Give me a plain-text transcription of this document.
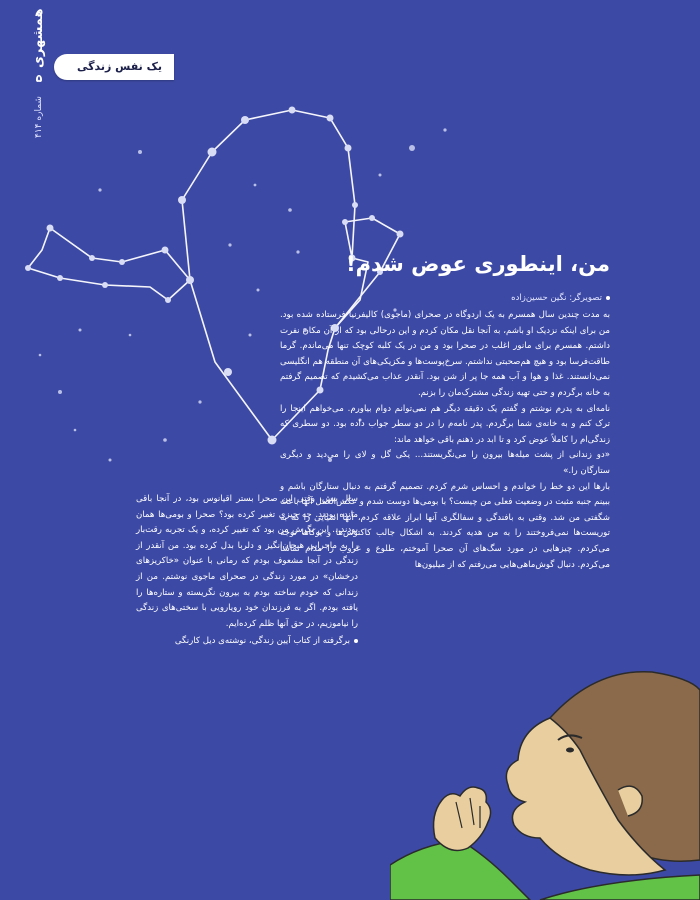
همشهری
۵
شماره ۴۱۴
یک نفس زندگی
من، اینطوری عوض شدم!
تصویرگر: نگین حسین‌زاده

به مدت چندین سال همسرم به یک اردوگاه در صحرای (ماجوی) کالیفرنیا فرستاده شده بود. من برای اینکه نزدیک او باشم، به آنجا نقل مکان کردم و این درحالی بود که از آن مکان نفرت داشتم. همسرم برای مانور اغلب در صحرا بود و من در یک کلبه کوچک تنها می‌ماندم. گرما طاقت‌فرسا بود و هیچ هم‌صحبتی نداشتم. سرخ‌پوست‌ها و مکزیکی‌های آن منطقه هم انگلیسی نمی‌دانستند. غذا و هوا و آب همه جا پر از شن بود. آنقدر عذاب می‌کشیدم که تصمیم گرفتم به خانه برگردم و حتی تهیه زندگی مشترک‌مان را بزنم.

نامه‌ای به پدرم نوشتم و گفتم یک دقیقه دیگر هم نمی‌توانم دوام بیاورم. می‌خواهم اینجا را ترک کنم و به خانه‌ی شما برگردم. پدر نامه‌م را در دو سطر جواب داده بود. دو سطری که زندگی‌ام را کاملاً عوض کرد و تا ابد در ذهنم باقی خواهد ماند:

«دو زندانی از پشت میله‌ها بیرون را می‌نگریستند... یکی گل و لای را می‌دید و دیگری ستارگان را.»

بارها این دو خط را خواندم و احساس شرم کردم. تصمیم گرفتم به دنبال ستارگان باشم و ببینم جنبه مثبت در وضعیت فعلی من چیست؟ با بومی‌ها دوست شدم و عکس‌العمل آنها باعث شگفتی من شد. وقتی به بافندگی و سفالگری آنها ابراز علاقه کردم، آنها اشیایی را که به توریست‌ها نمی‌فروختند را به من هدیه کردند. به اشکال جالب کاکتوس‌ها و یوکاها توجه می‌کردم. چیزهایی در مورد سگ‌های آن صحرا آموختم، طلوع و غروب را مدام تماشا می‌کردم. دنبال گوش‌ماهی‌هایی می‌رفتم که از میلیون‌ها

سال پیش، وقتی این صحرا بستر اقیانوس بود، در آنجا باقی مانده بودند. چه چیزی تغییر کرده بود؟ صحرا و بومی‌ها همان بودند... این نگرش من بود که تغییر کرده، و یک تجربه رقت‌بار را به ماجرایی هیجان‌انگیز و دلربا بدل کرده بود. من آنقدر از زندگی در آنجا مشعوف بودم که رمانی با عنوان «خاکریزهای درخشان» در مورد زندگی در صحرای ماجوی نوشتم. من از زندانی که خودم ساخته بودم به بیرون نگریسته و ستاره‌ها را یافته بودم. اگر به فرزندان خود رویارویی با سختی‌های زندگی را نیاموزیم، در حق آنها ظلم کرده‌ایم.

برگرفته از کتاب آیین زندگی، نوشته‌ی دیل کارنگی
